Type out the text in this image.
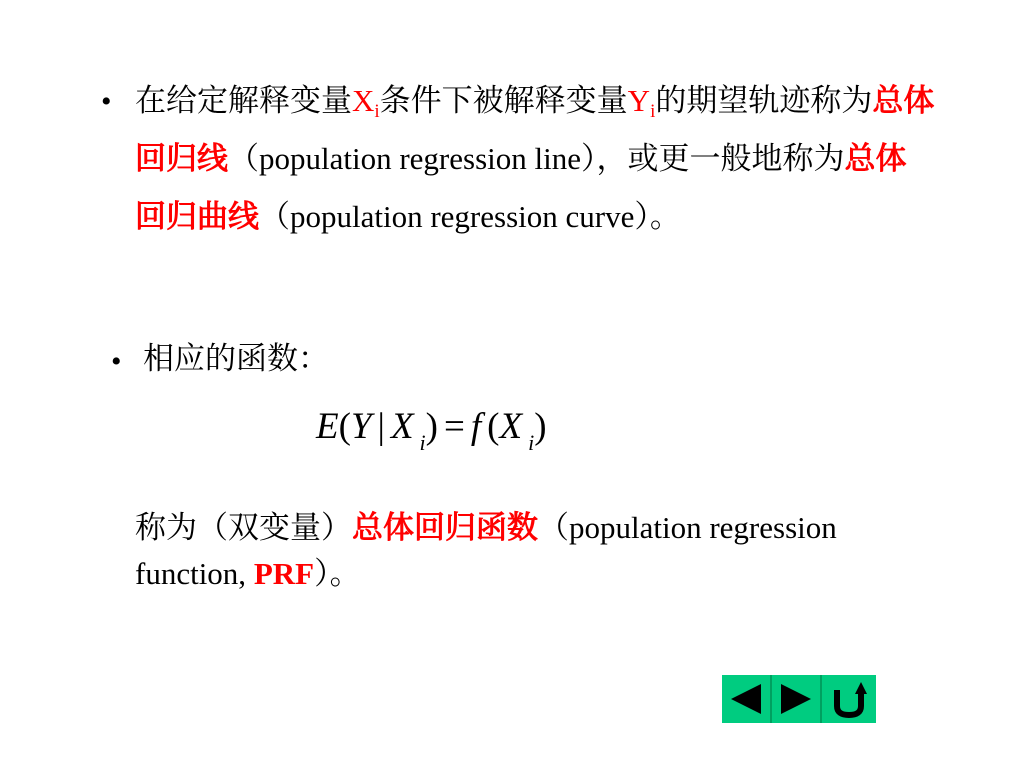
• 在给定解释变量$X_i$条件下被解释变量$Y_i$的期望轨迹称为总体回归线（population regression line），或更一般地称为总体回归曲线（population regression curve）。
• 相应的函数：
E(Y | X $_i$) = f (X $_i$)
称为（双变量）总体回归函数（population regression function, PRF）。
